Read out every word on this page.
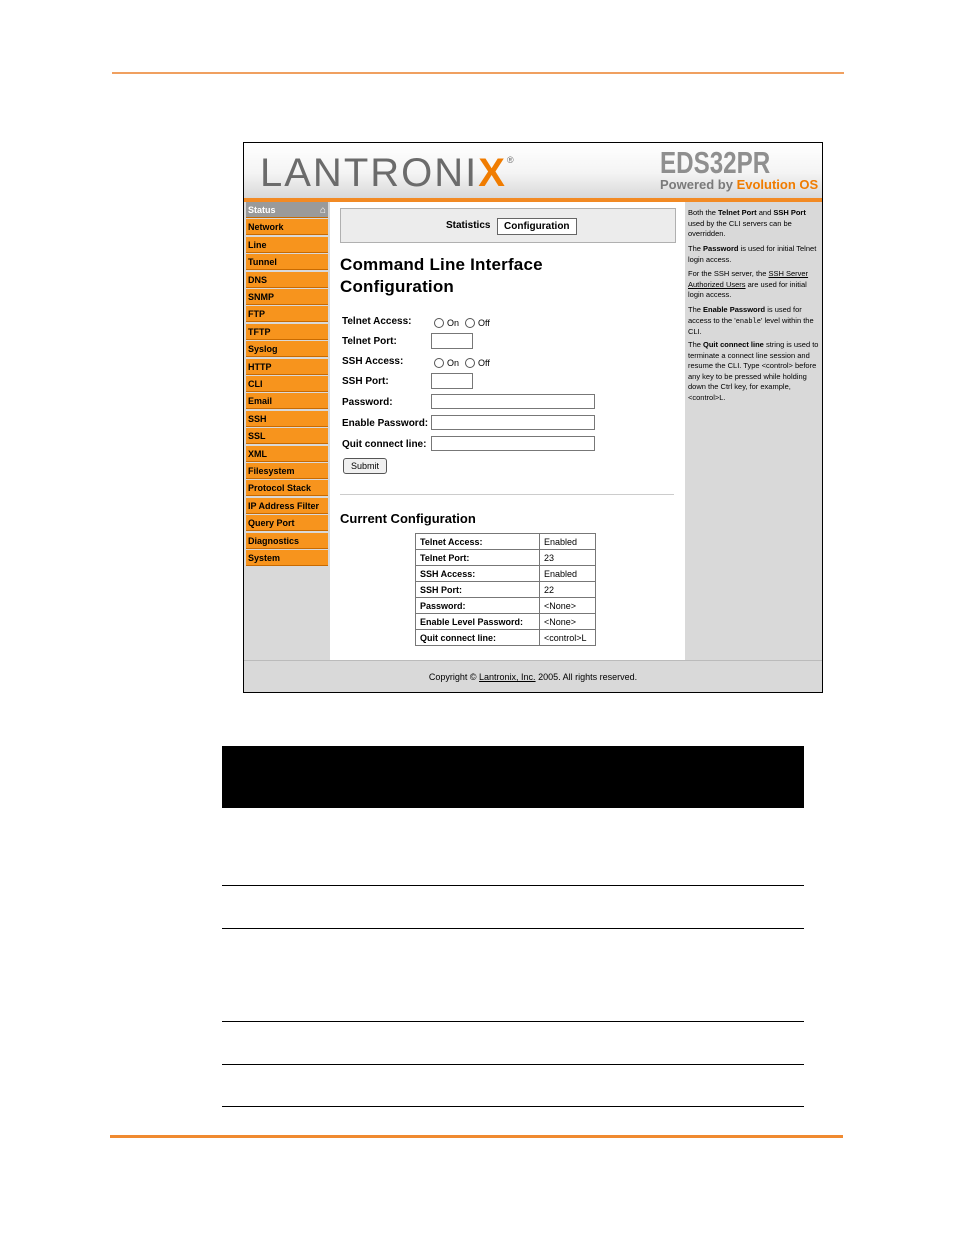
LANTRONIX®	EDS32PR
Powered by Evolution OS
Status	⌂
Network
Line
Tunnel
DNS
SNMP
FTP
TFTP
Syslog
HTTP
CLI
Email
SSH
SSL
XML
Filesystem
Protocol Stack
IP Address Filter
Query Port
Diagnostics
System
Statistics	Configuration
Command Line Interface Configuration
Telnet Access:	On Off
Telnet Port:
SSH Access:	On Off
SSH Port:
Password:
Enable Password:
Quit connect line:
Submit
Current Configuration
Telnet Access:	Enabled
Telnet Port:	23
SSH Access:	Enabled
SSH Port:	22
Password:	<None>
Enable Level Password:	<None>
Quit connect line:	<control>L

Both the Telnet Port and SSH Port used by the CLI servers can be overridden.

The Password is used for initial Telnet login access.

For the SSH server, the SSH Server Authorized Users are used for initial login access.

The Enable Password is used for access to the 'enable' level within the CLI.

The Quit connect line string is used to terminate a connect line session and resume the CLI. Type <control> before any key to be pressed while holding down the Ctrl key, for example, <control>L.

Copyright © Lantronix, Inc. 2005. All rights reserved.
